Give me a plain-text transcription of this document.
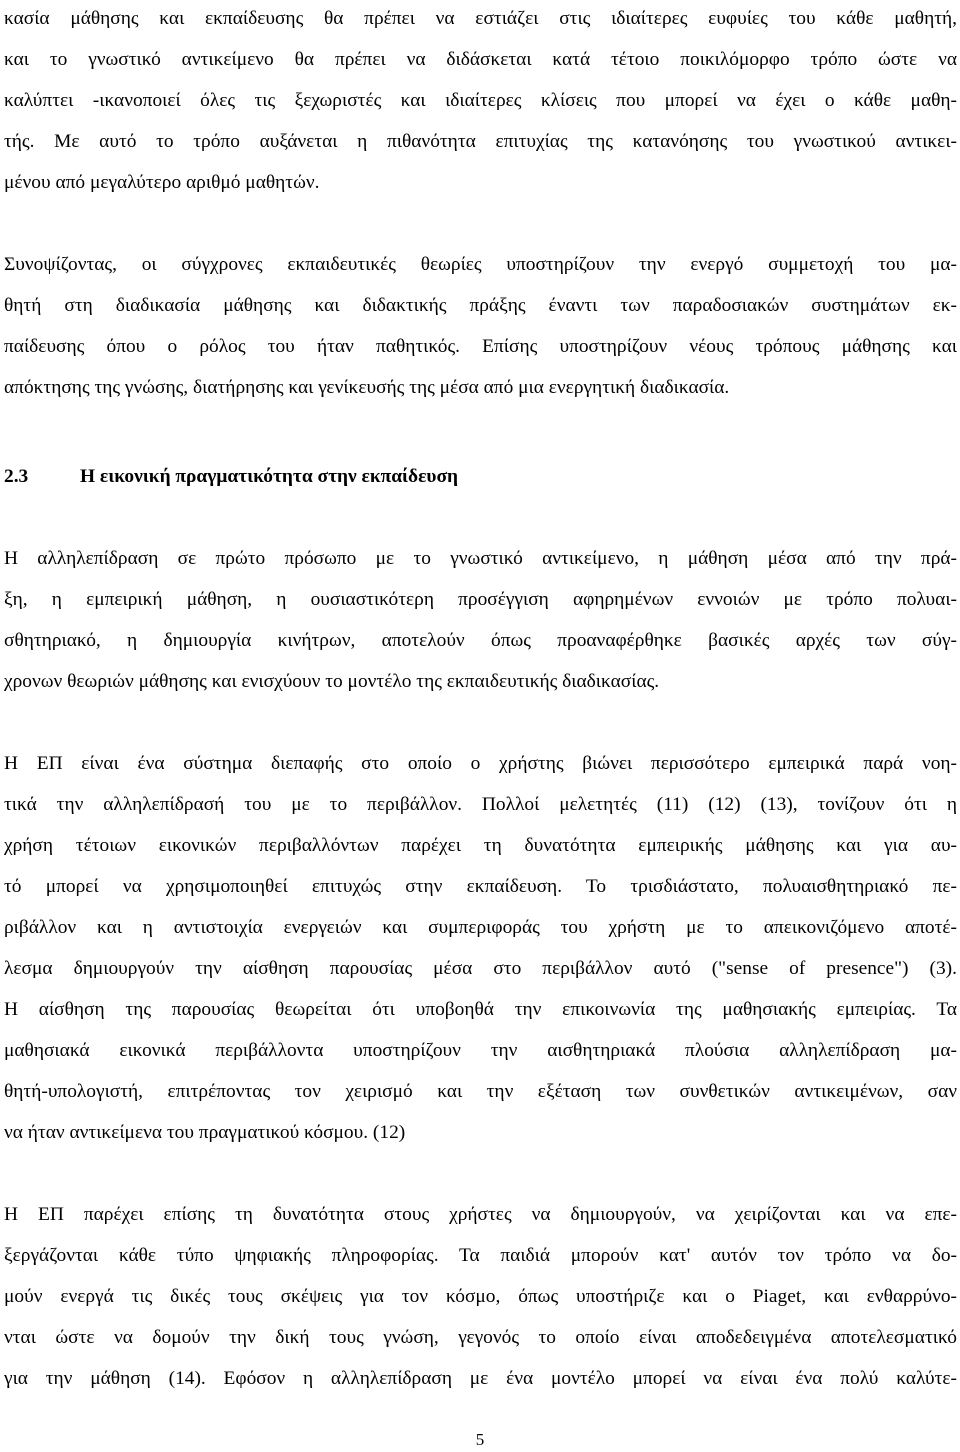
κασία μάθησης και εκπαίδευσης θα πρέπει να εστιάζει στις ιδιαίτερες ευφυίες του κάθε μαθητή,
και το γνωστικό αντικείμενο θα πρέπει να διδάσκεται κατά τέτοιο ποικιλόμορφο τρόπο ώστε να
καλύπτει -ικανοποιεί όλες τις ξεχωριστές και ιδιαίτερες κλίσεις που μπορεί να έχει ο κάθε μαθη-
τής. Με αυτό το τρόπο αυξάνεται η πιθανότητα επιτυχίας της κατανόησης του γνωστικού αντικει-
μένου από μεγαλύτερο αριθμό μαθητών.
Συνοψίζοντας, οι σύγχρονες εκπαιδευτικές θεωρίες υποστηρίζουν την ενεργό συμμετοχή του μα-
θητή στη διαδικασία μάθησης και διδακτικής πράξης έναντι των παραδοσιακών συστημάτων εκ-
παίδευσης όπου ο ρόλος του ήταν παθητικός. Επίσης υποστηρίζουν νέους τρόπους μάθησης και
απόκτησης της γνώσης, διατήρησης και γενίκευσής της μέσα από μια ενεργητική διαδικασία.
2.3	Η εικονική πραγματικότητα στην εκπαίδευση
Η αλληλεπίδραση σε πρώτο πρόσωπο με το γνωστικό αντικείμενο, η μάθηση μέσα από την πρά-
ξη, η εμπειρική μάθηση, η ουσιαστικότερη προσέγγιση αφηρημένων εννοιών με τρόπο πολυαι-
σθητηριακό, η δημιουργία κινήτρων, αποτελούν όπως προαναφέρθηκε βασικές αρχές των σύγ-
χρονων θεωριών μάθησης και ενισχύουν το μοντέλο της εκπαιδευτικής διαδικασίας.
Η ΕΠ είναι ένα σύστημα διεπαφής στο οποίο ο χρήστης βιώνει περισσότερο εμπειρικά παρά νοη-
τικά την αλληλεπίδρασή του με το περιβάλλον. Πολλοί μελετητές (11) (12) (13), τονίζουν ότι η
χρήση τέτοιων εικονικών περιβαλλόντων παρέχει τη δυνατότητα εμπειρικής μάθησης και για αυ-
τό μπορεί να χρησιμοποιηθεί επιτυχώς στην εκπαίδευση. Το τρισδιάστατο, πολυαισθητηριακό πε-
ριβάλλον και η αντιστοιχία ενεργειών και συμπεριφοράς του χρήστη με το απεικονιζόμενο αποτέ-
λεσμα δημιουργούν την αίσθηση παρουσίας μέσα στο περιβάλλον αυτό ("sense of presence") (3).
Η αίσθηση της παρουσίας θεωρείται ότι υποβοηθά την επικοινωνία της μαθησιακής εμπειρίας. Τα
μαθησιακά εικονικά περιβάλλοντα υποστηρίζουν την αισθητηριακά πλούσια αλληλεπίδραση μα-
θητή-υπολογιστή, επιτρέποντας τον χειρισμό και την εξέταση των συνθετικών αντικειμένων, σαν
να ήταν αντικείμενα του πραγματικού κόσμου. (12)
Η ΕΠ παρέχει επίσης τη δυνατότητα στους χρήστες να δημιουργούν, να χειρίζονται και να επε-
ξεργάζονται κάθε τύπο ψηφιακής πληροφορίας. Τα παιδιά μπορούν κατ' αυτόν τον τρόπο να δο-
μούν ενεργά τις δικές τους σκέψεις για τον κόσμο, όπως υποστήριζε και ο Piaget, και ενθαρρύνο-
νται ώστε να δομούν την δική τους γνώση, γεγονός το οποίο είναι αποδεδειγμένα αποτελεσματικό
για την μάθηση (14). Εφόσον η αλληλεπίδραση με ένα μοντέλο μπορεί να είναι ένα πολύ καλύτε-
5
